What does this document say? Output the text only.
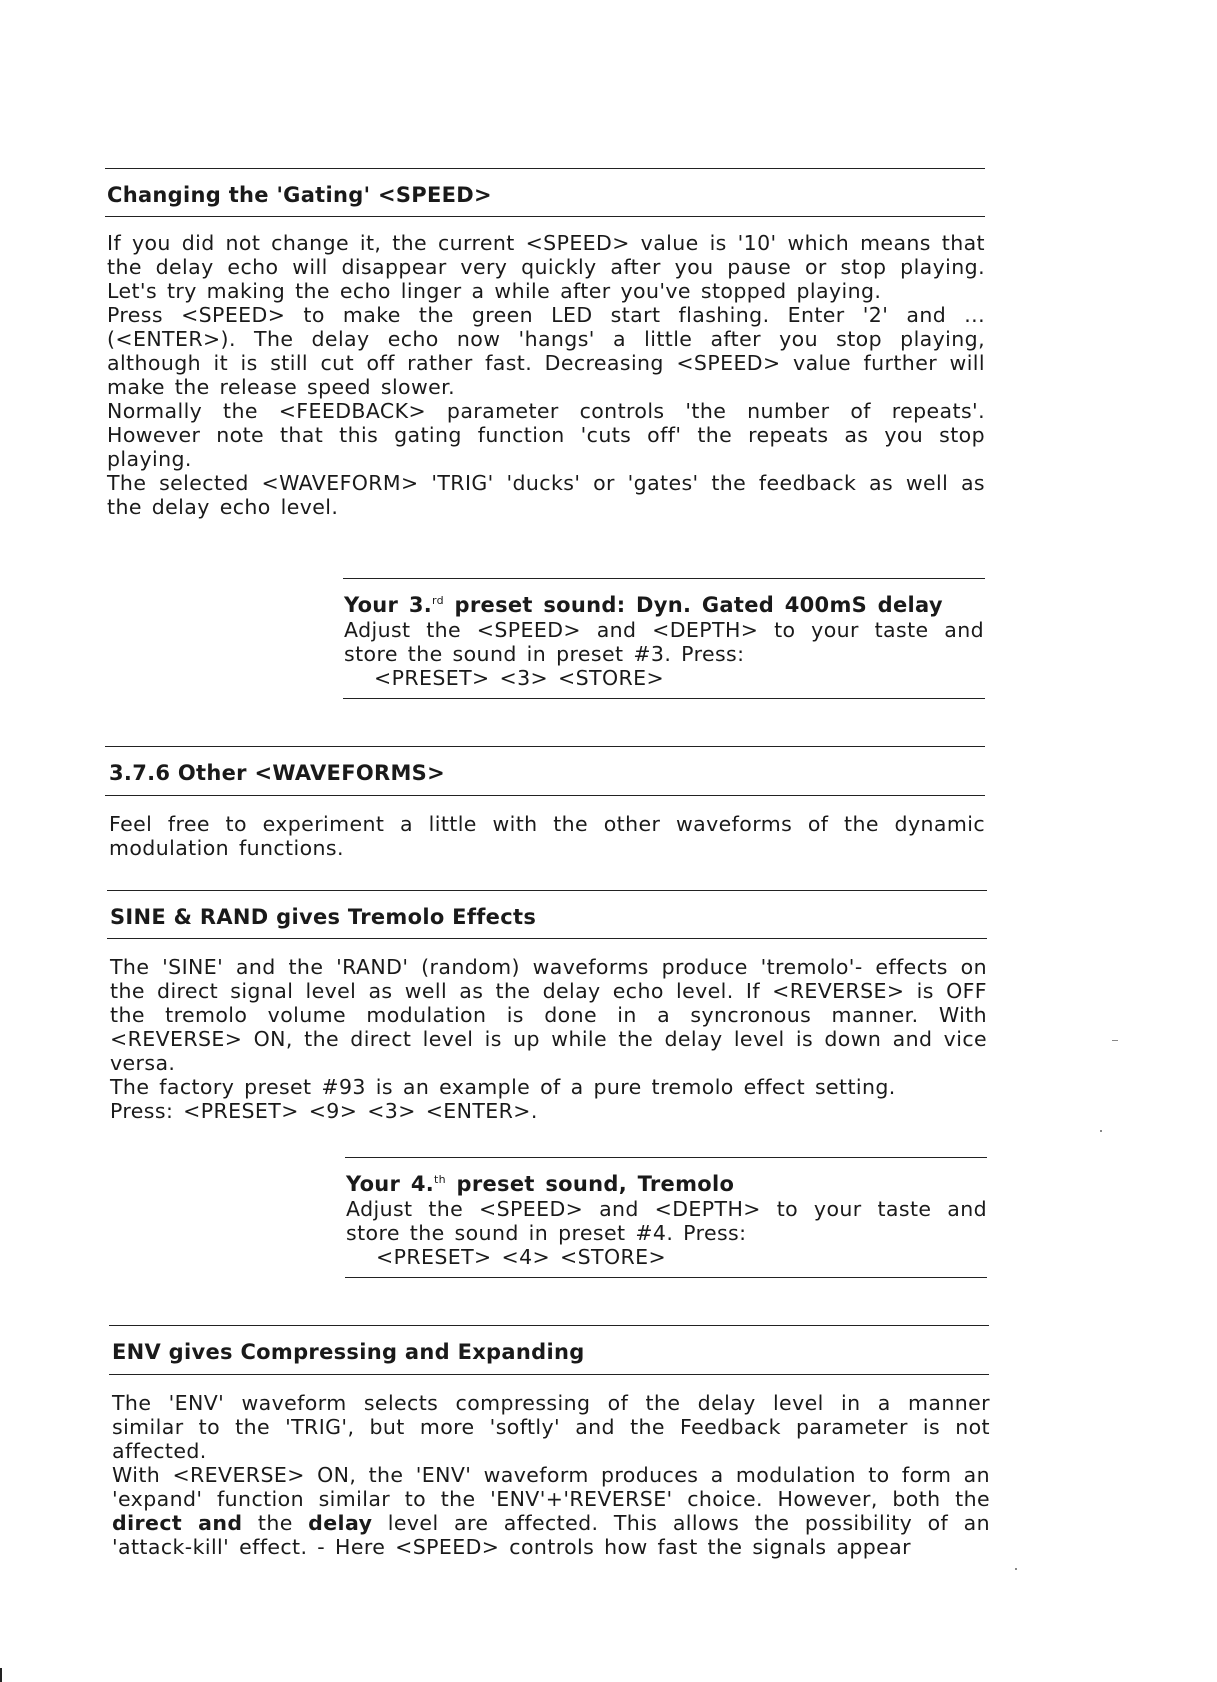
Changing the 'Gating' <SPEED>

If you did not change it, the current <SPEED> value is '10' which means that the delay echo will disappear very quickly after you pause or stop playing. Let's try making the echo linger a while after you've stopped playing.

Press <SPEED> to make the green LED start flashing. Enter '2' and ... (<ENTER>). The delay echo now 'hangs' a little after you stop playing, although it is still cut off rather fast. Decreasing <SPEED> value further will make the release speed slower.

Normally the <FEEDBACK> parameter controls 'the number of repeats'. However note that this gating function 'cuts off' the repeats as you stop playing.

The selected <WAVEFORM> 'TRIG' 'ducks' or 'gates' the feedback as well as the delay echo level.

Your 3.$^{rd}$ preset sound: Dyn. Gated 400mS delay

Adjust the <SPEED> and <DEPTH> to your taste and store the sound in preset #3. Press:

<PRESET> <3> <STORE>
3.7.6 Other <WAVEFORMS>

Feel free to experiment a little with the other waveforms of the dynamic modulation functions.

SINE & RAND gives Tremolo Effects

The 'SINE' and the 'RAND' (random) waveforms produce 'tremolo'- effects on the direct signal level as well as the delay echo level. If <REVERSE> is OFF the tremolo volume modulation is done in a syncronous manner. With <REVERSE> ON, the direct level is up while the delay level is down and vice versa.

The factory preset #93 is an example of a pure tremolo effect setting.

Press: <PRESET> <9> <3> <ENTER>.

Your 4.$^{th}$ preset sound, Tremolo

Adjust the <SPEED> and <DEPTH> to your taste and store the sound in preset #4. Press:

<PRESET> <4> <STORE>
ENV gives Compressing and Expanding

The 'ENV' waveform selects compressing of the delay level in a manner similar to the 'TRIG', but more 'softly' and the Feedback parameter is not affected.

With <REVERSE> ON, the 'ENV' waveform produces a modulation to form an 'expand' function similar to the 'ENV'+'REVERSE' choice. However, both the direct and the delay level are affected. This allows the possibility of an 'attack-kill' effect. - Here <SPEED> controls how fast the signals appear
